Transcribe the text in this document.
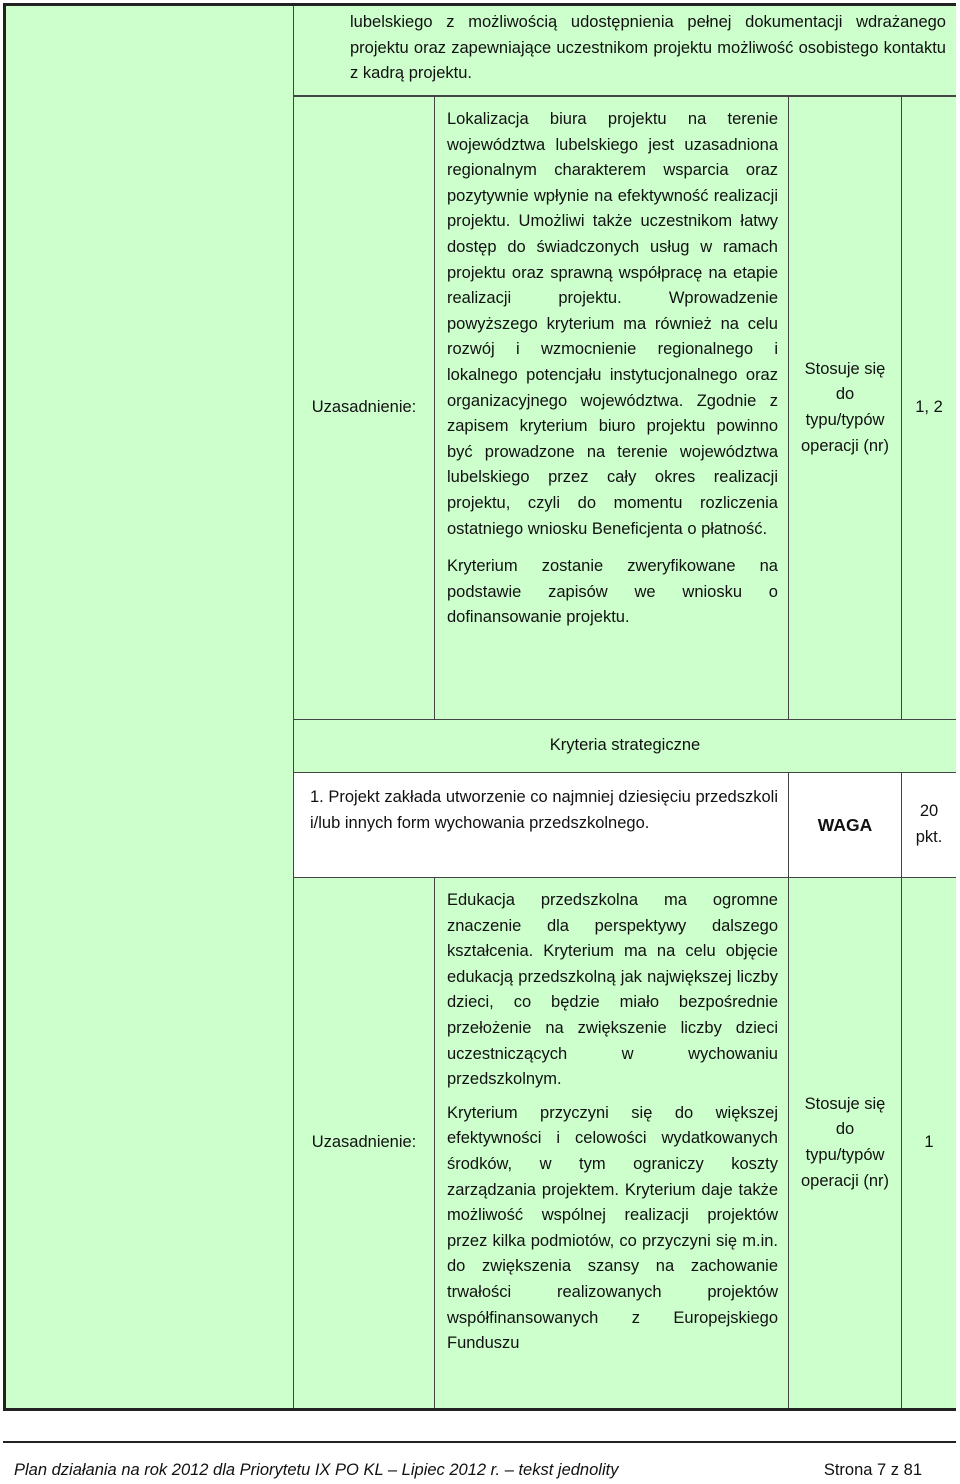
lubelskiego z możliwością udostępnienia pełnej dokumentacji wdrażanego projektu oraz zapewniające uczestnikom projektu możliwość osobistego kontaktu z kadrą projektu.
Uzasadnienie:
Lokalizacja biura projektu na terenie województwa lubelskiego jest uzasadniona regionalnym charakterem wsparcia oraz pozytywnie wpłynie na efektywność realizacji projektu. Umożliwi także uczestnikom łatwy dostęp do świadczonych usług w ramach projektu oraz sprawną współpracę na etapie realizacji projektu. Wprowadzenie powyższego kryterium ma również na celu rozwój i wzmocnienie regionalnego i lokalnego potencjału instytucjonalnego oraz organizacyjnego województwa. Zgodnie z zapisem kryterium biuro projektu powinno być prowadzone na terenie województwa lubelskiego przez cały okres realizacji projektu, czyli do momentu rozliczenia ostatniego wniosku Beneficjenta o płatność.
Kryterium zostanie zweryfikowane na podstawie zapisów we wniosku o dofinansowanie projektu.
Stosuje się do typu/typów operacji (nr)
1, 2
Kryteria strategiczne
1. Projekt zakłada utworzenie co najmniej dziesięciu przedszkoli i/lub innych form wychowania przedszkolnego.	WAGA
20 pkt.
Uzasadnienie:
Edukacja przedszkolna ma ogromne znaczenie dla perspektywy dalszego kształcenia. Kryterium ma na celu objęcie edukacją przedszkolną jak największej liczby dzieci, co będzie miało bezpośrednie przełożenie na zwiększenie liczby dzieci uczestniczących w wychowaniu przedszkolnym.
Kryterium przyczyni się do większej efektywności i celowości wydatkowanych środków, w tym ograniczy koszty zarządzania projektem. Kryterium daje także możliwość wspólnej realizacji projektów przez kilka podmiotów, co przyczyni się m.in. do zwiększenia szansy na zachowanie trwałości realizowanych projektów współfinansowanych z Europejskiego Funduszu
Stosuje się do typu/typów operacji (nr)
1
Plan działania na rok 2012 dla Priorytetu IX PO KL – Lipiec 2012 r. – tekst jednolity	Strona 7 z 81
